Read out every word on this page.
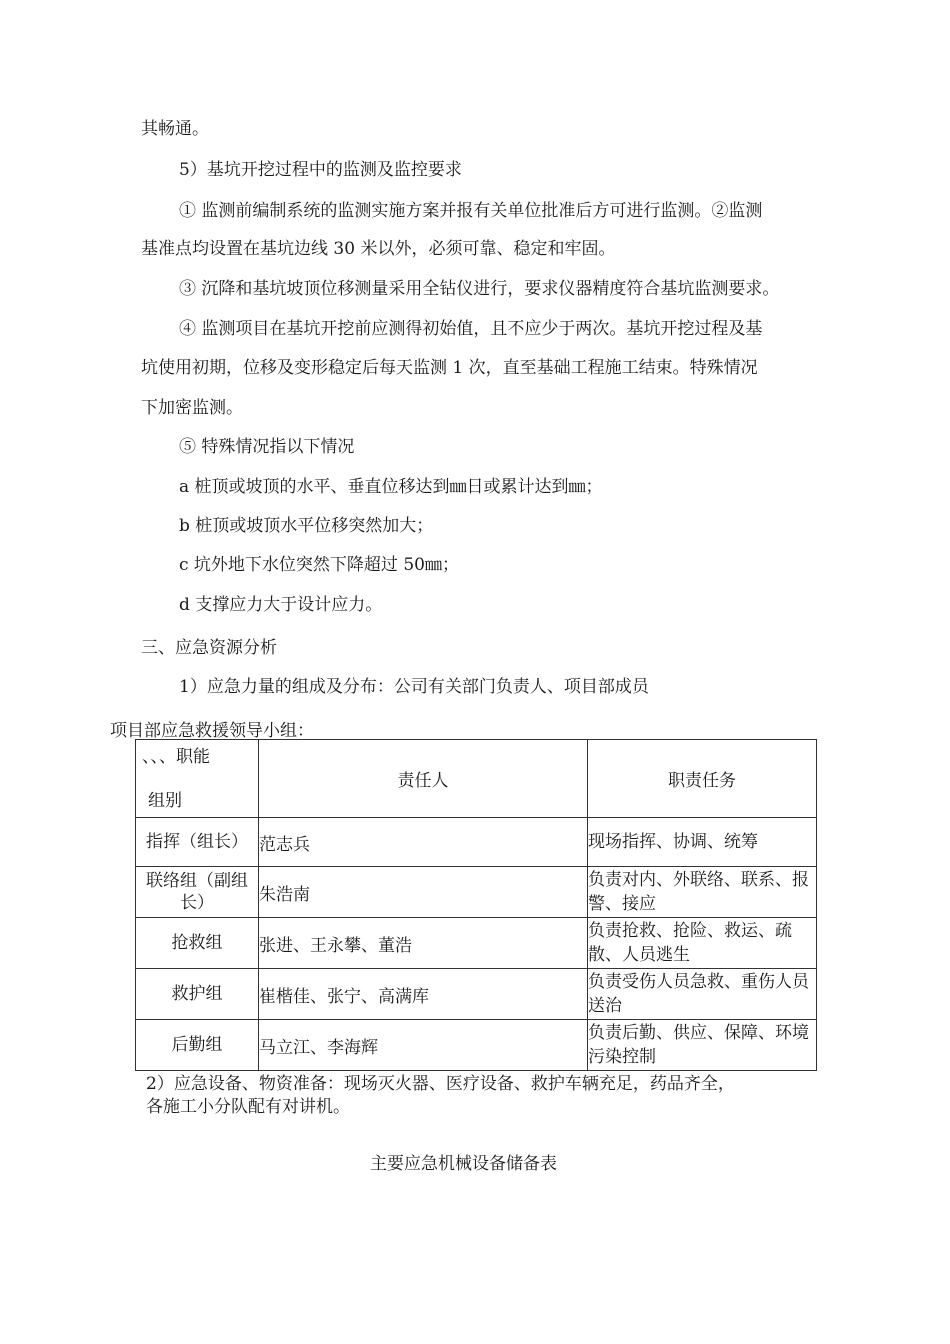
其畅通。
5）基坑开挖过程中的监测及监控要求
① 监测前编制系统的监测实施方案并报有关单位批准后方可进行监测。②监测
基准点均设置在基坑边线 30 米以外，必须可靠、稳定和牢固。
③ 沉降和基坑坡顶位移测量采用全钻仪进行，要求仪器精度符合基坑监测要求。
④ 监测项目在基坑开挖前应测得初始值，且不应少于两次。基坑开挖过程及基
坑使用初期，位移及变形稳定后每天监测 1 次，直至基础工程施工结束。特殊情况
下加密监测。
⑤ 特殊情况指以下情况
a 桩顶或坡顶的水平、垂直位移达到㎜日或累计达到㎜；
b 桩顶或坡顶水平位移突然加大；
c 坑外地下水位突然下降超过 50㎜；
d 支撑应力大于设计应力。
三、应急资源分析
1）应急力量的组成及分布：公司有关部门负责人、项目部成员
项目部应急救援领导小组：
、、、职能
组别	责任人	职责任务
指挥（组长）	范志兵	现场指挥、协调、统筹
联络组（副组长）	朱浩南	负责对内、外联络、联系、报警、接应
抢救组	张进、王永攀、董浩	负责抢救、抢险、救运、疏散、人员逃生
救护组	崔楷佳、张宁、高满库	负责受伤人员急救、重伤人员送治
后勤组	马立江、李海辉	负责后勤、供应、保障、环境污染控制
2）应急设备、物资准备：现场灭火器、医疗设备、救护车辆充足，药品齐全，
各施工小分队配有对讲机。
主要应急机械设备储备表
